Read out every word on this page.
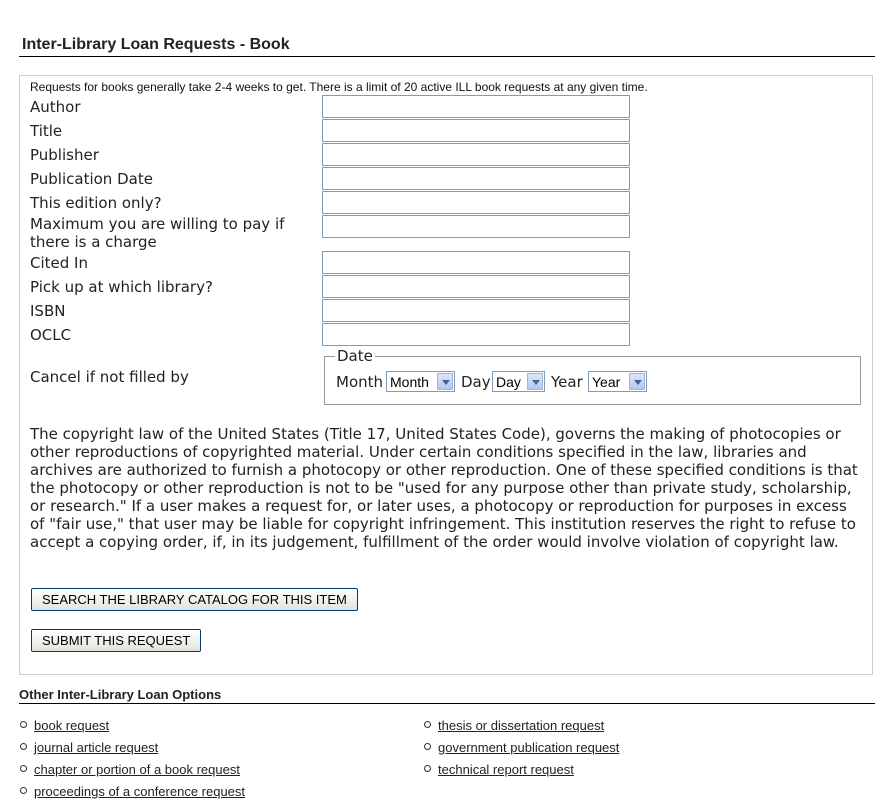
Inter-Library Loan Requests - Book
Requests for books generally take 2-4 weeks to get. There is a limit of 20 active ILL book requests at any given time.
Author
Title
Publisher
Publication Date
This edition only?
Maximum you are willing to pay if there is a charge
Cited In
Pick up at which library?
ISBN
OCLC
Cancel if not filled by
Date
Month Month Day Day Year Year

The copyright law of the United States (Title 17, United States Code), governs the making of photocopies or other reproductions of copyrighted material. Under certain conditions specified in the law, libraries and archives are authorized to furnish a photocopy or other reproduction. One of these specified conditions is that the photocopy or other reproduction is not to be "used for any purpose other than private study, scholarship, or research." If a user makes a request for, or later uses, a photocopy or reproduction for purposes in excess of "fair use," that user may be liable for copyright infringement. This institution reserves the right to refuse to accept a copying order, if, in its judgement, fulfillment of the order would involve violation of copyright law.

SEARCH THE LIBRARY CATALOG FOR THIS ITEM
SUBMIT THIS REQUEST
Other Inter-Library Loan Options
book request
journal article request
chapter or portion of a book request
proceedings of a conference request
thesis or dissertation request
government publication request
technical report request
